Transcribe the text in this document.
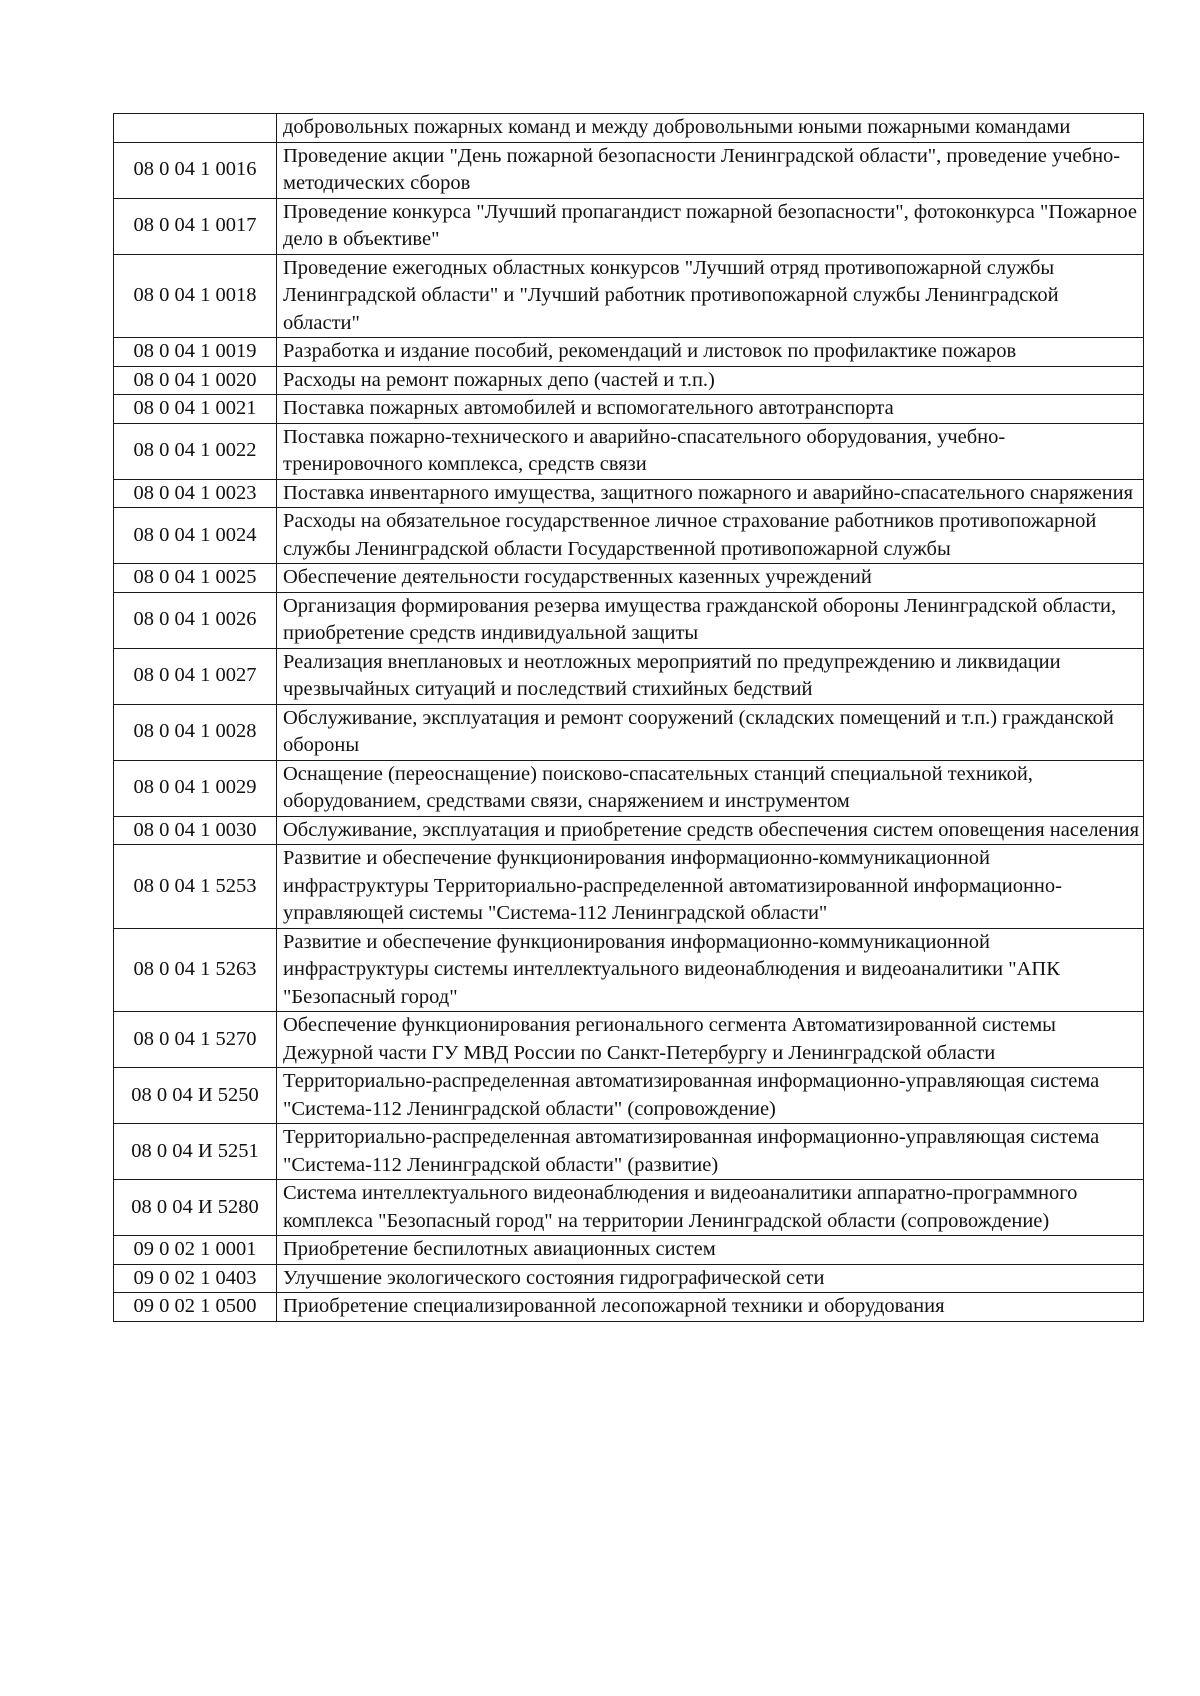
	добровольных пожарных команд и между добровольными юными пожарными командами
08 0 04 1 0016	Проведение акции "День пожарной безопасности Ленинградской области", проведение учебно-методических сборов
08 0 04 1 0017	Проведение конкурса "Лучший пропагандист пожарной безопасности", фотоконкурса "Пожарное дело в объективе"
08 0 04 1 0018	Проведение ежегодных областных конкурсов "Лучший отряд противопожарной службы Ленинградской области" и "Лучший работник противопожарной службы Ленинградской области"
08 0 04 1 0019	Разработка и издание пособий, рекомендаций и листовок по профилактике пожаров
08 0 04 1 0020	Расходы на ремонт пожарных депо (частей и т.п.)
08 0 04 1 0021	Поставка пожарных автомобилей и вспомогательного автотранспорта
08 0 04 1 0022	Поставка пожарно-технического и аварийно-спасательного оборудования, учебно-тренировочного комплекса, средств связи
08 0 04 1 0023	Поставка инвентарного имущества, защитного пожарного и аварийно-спасательного снаряжения
08 0 04 1 0024	Расходы на обязательное государственное личное страхование работников противопожарной службы Ленинградской области Государственной противопожарной службы
08 0 04 1 0025	Обеспечение деятельности государственных казенных учреждений
08 0 04 1 0026	Организация формирования резерва имущества гражданской обороны Ленинградской области, приобретение средств индивидуальной защиты
08 0 04 1 0027	Реализация внеплановых и неотложных мероприятий по предупреждению и ликвидации чрезвычайных ситуаций и последствий стихийных бедствий
08 0 04 1 0028	Обслуживание, эксплуатация и ремонт сооружений (складских помещений и т.п.) гражданской обороны
08 0 04 1 0029	Оснащение (переоснащение) поисково-спасательных станций специальной техникой, оборудованием, средствами связи, снаряжением и инструментом
08 0 04 1 0030	Обслуживание, эксплуатация и приобретение средств обеспечения систем оповещения населения
08 0 04 1 5253	Развитие и обеспечение функционирования информационно-коммуникационной инфраструктуры Территориально-распределенной автоматизированной информационно-управляющей системы "Система-112 Ленинградской области"
08 0 04 1 5263	Развитие и обеспечение функционирования информационно-коммуникационной инфраструктуры системы интеллектуального видеонаблюдения и видеоаналитики "АПК "Безопасный город"
08 0 04 1 5270	Обеспечение функционирования регионального сегмента Автоматизированной системы Дежурной части ГУ МВД России по Санкт-Петербургу и Ленинградской области
08 0 04 И 5250	Территориально-распределенная автоматизированная информационно-управляющая система "Система-112 Ленинградской области" (сопровождение)
08 0 04 И 5251	Территориально-распределенная автоматизированная информационно-управляющая система "Система-112 Ленинградской области" (развитие)
08 0 04 И 5280	Система интеллектуального видеонаблюдения и видеоаналитики аппаратно-программного комплекса "Безопасный город" на территории Ленинградской области (сопровождение)
09 0 02 1 0001	Приобретение беспилотных авиационных систем
09 0 02 1 0403	Улучшение экологического состояния гидрографической сети
09 0 02 1 0500	Приобретение специализированной лесопожарной техники и оборудования
